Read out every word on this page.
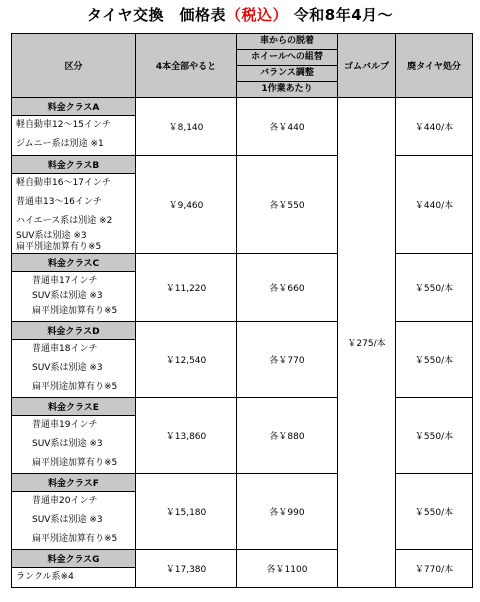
タイヤ交換　価格表（税込） 令和8年4月～
区分	4本全部やると	車からの脱着	ゴムバルブ	廃タイヤ処分
		ホイールへの組替		
		バランス調整		
		1作業あたり		
料金クラスA	￥8,140	各￥440	￥275/本	￥440/本

軽自動車12～15インチ
ジムニー系は別途 ※1				

料金クラスB	￥9,460	各￥550		￥440/本

軽自動車16～17インチ
普通車13～16インチ
ハイエース系は別途 ※2
SUV系は別途 ※3
扁平別途加算有り※5				

料金クラスC	￥11,220	各￥660		￥550/本

普通車17インチ
SUV系は別途 ※3
扁平別途加算有り※5				

料金クラスD	￥12,540	各￥770		￥550/本

普通車18インチ
SUV系は別途 ※3
扁平別途加算有り※5				

料金クラスE	￥13,860	各￥880		￥550/本

普通車19インチ
SUV系は別途 ※3
扁平別途加算有り※5				

料金クラスF	￥15,180	各￥990		￥550/本

普通車20インチ
SUV系は別途 ※3
扁平別途加算有り※5				

料金クラスG	￥17,380	各￥1100		￥770/本

ランクル系※4				
